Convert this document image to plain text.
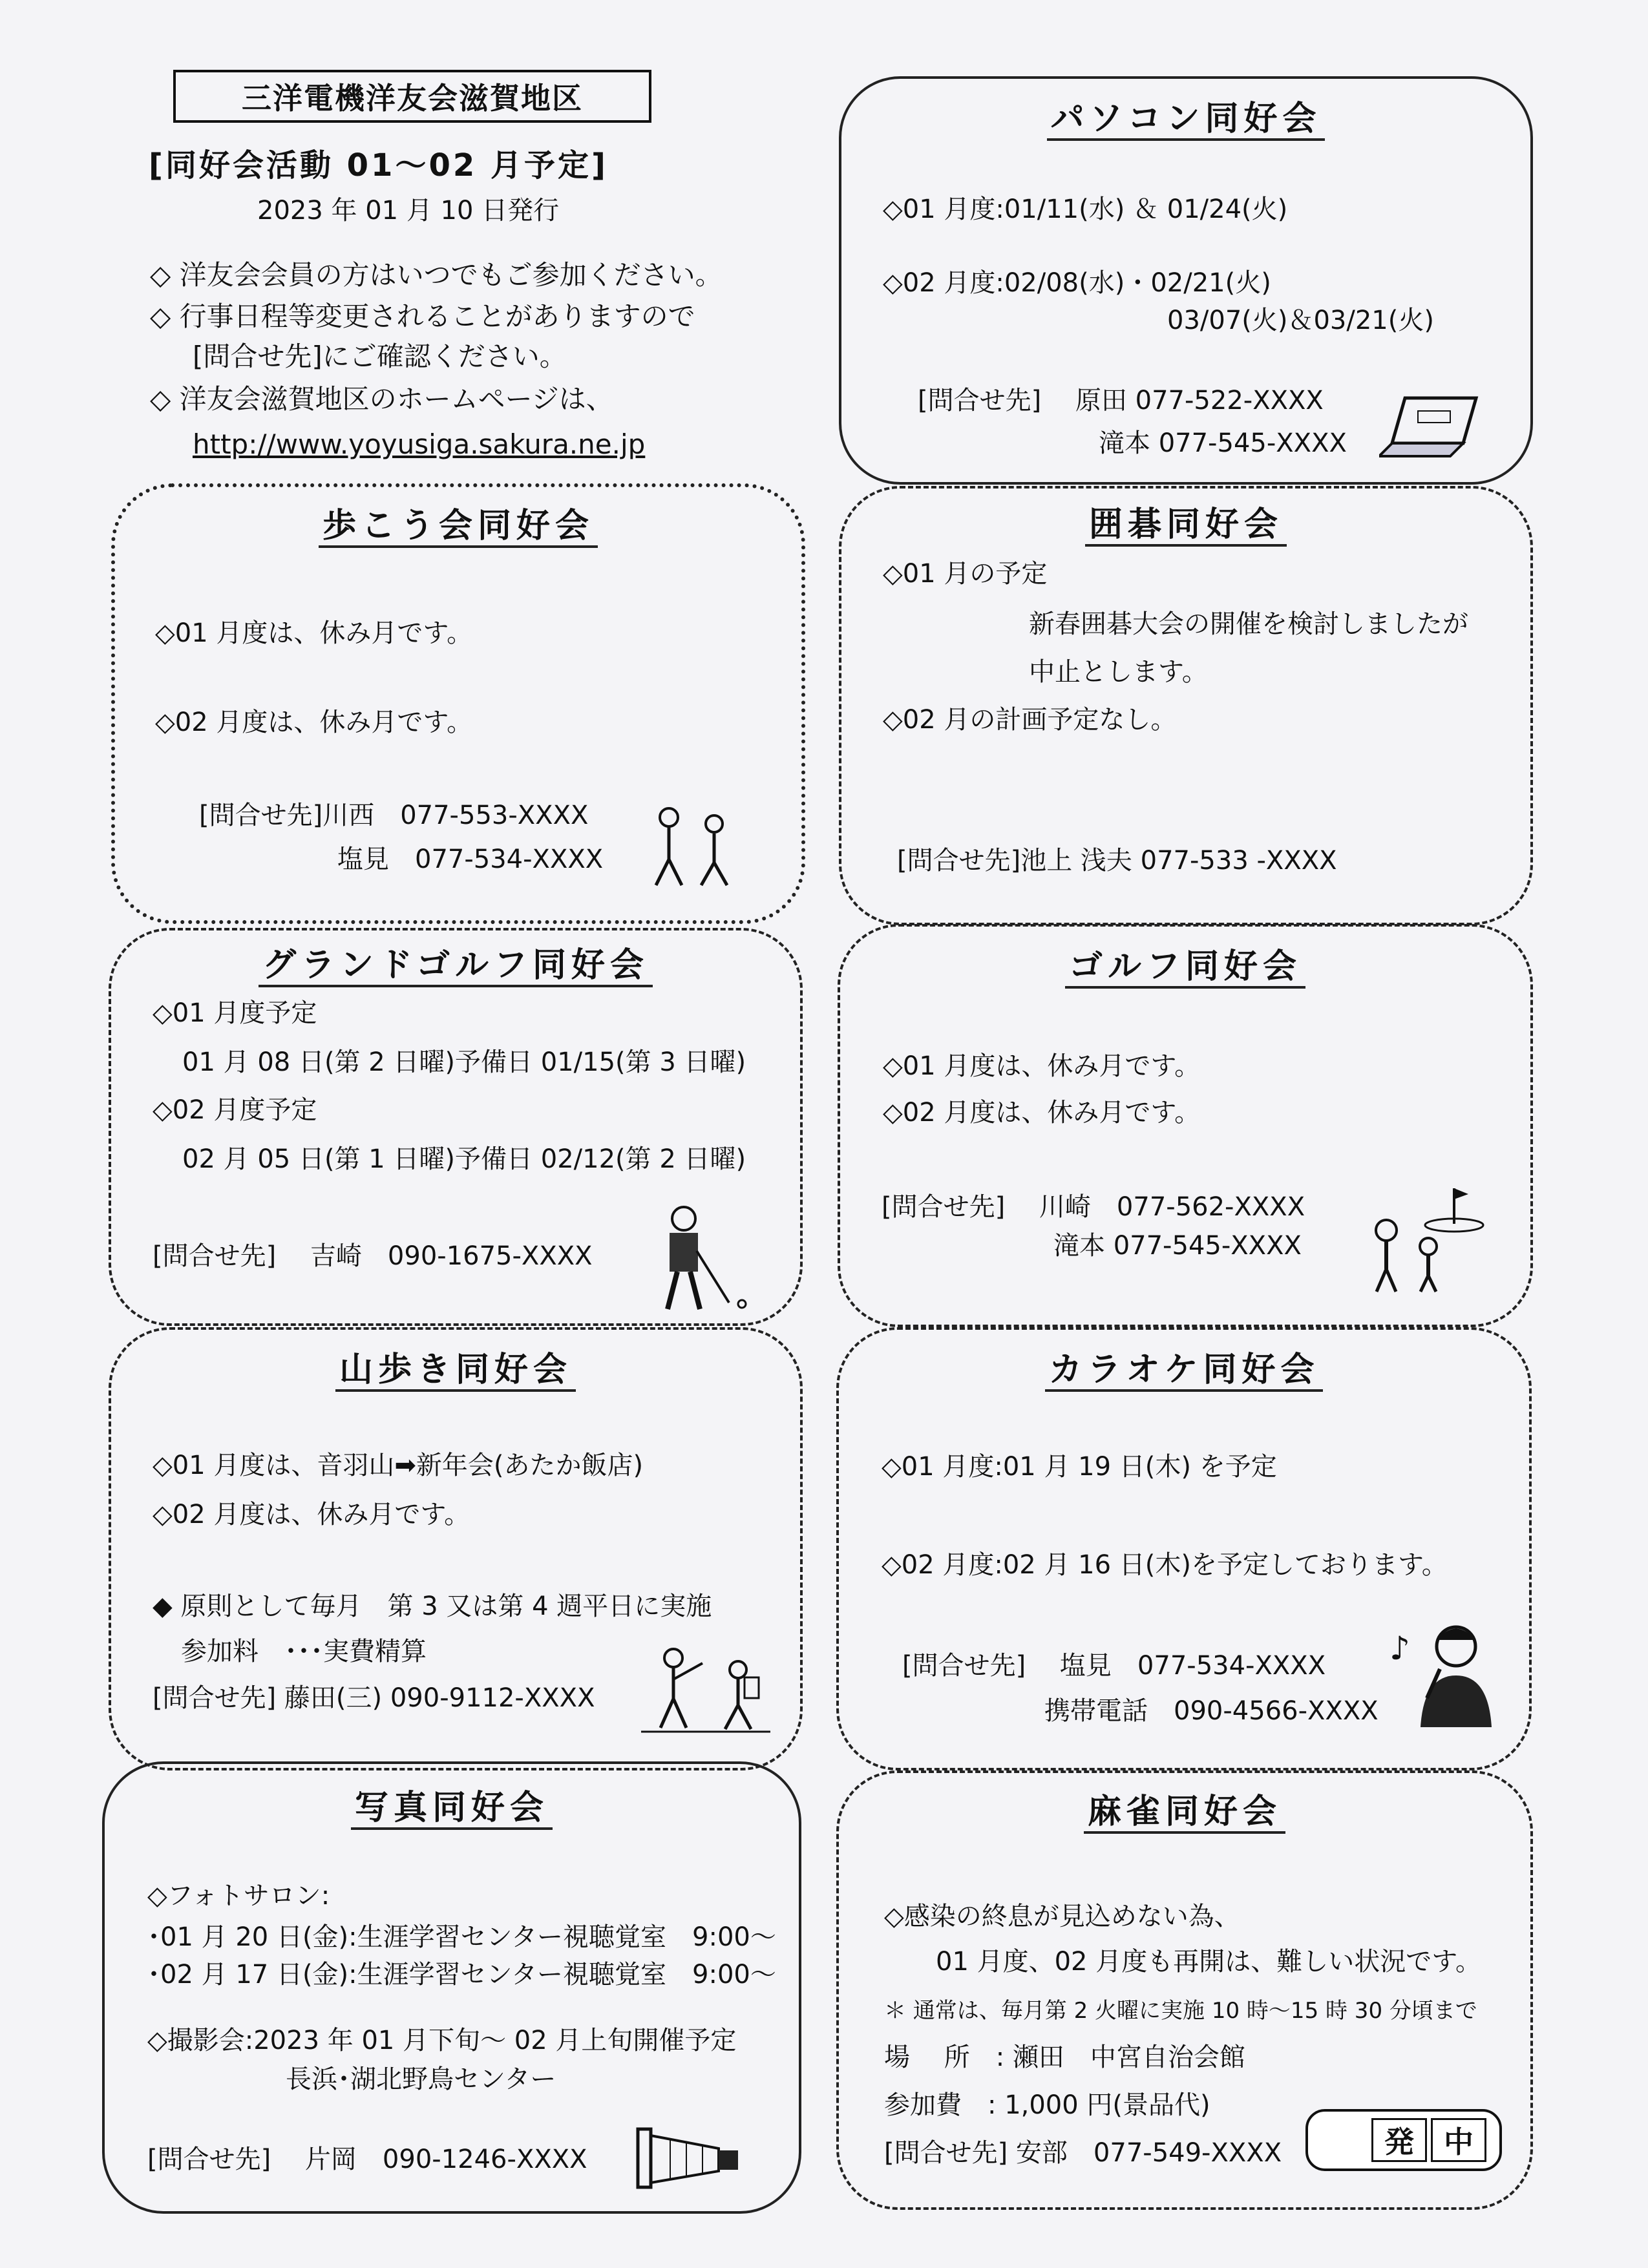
三洋電機洋友会滋賀地区
[同好会活動 01～02 月予定]
2023 年 01 月 10 日発行
◇ 洋友会会員の方はいつでもご参加ください。
◇ 行事日程等変更されることがありますので
[問合せ先]にご確認ください。
◇ 洋友会滋賀地区のホームページは、
http://www.yoyusiga.sakura.ne.jp
パソコン同好会
◇01 月度:01/11(水) ＆ 01/24(火)
◇02 月度:02/08(水)・02/21(火)
03/07(火)＆03/21(火)
[問合せ先]　 原田 077-522-XXXX
滝本 077-545-XXXX
歩こう会同好会
◇01 月度は、休み月です。
◇02 月度は、休み月です。
[問合せ先]川西　077-553-XXXX
塩見　077-534-XXXX
囲碁同好会
◇01 月の予定
新春囲碁大会の開催を検討しましたが
中止とします。
◇02 月の計画予定なし。
[問合せ先]池上 浅夫 077-533 -XXXX
グランドゴルフ同好会
◇01 月度予定
01 月 08 日(第 2 日曜)予備日 01/15(第 3 日曜)
◇02 月度予定
02 月 05 日(第 1 日曜)予備日 02/12(第 2 日曜)
[問合せ先]　 吉崎　090-1675-XXXX
ゴルフ同好会
◇01 月度は、休み月です。
◇02 月度は、休み月です。
[問合せ先]　 川崎　077-562-XXXX
滝本 077-545-XXXX
山歩き同好会
◇01 月度は、音羽山➡新年会(あたか飯店)
◇02 月度は、休み月です。
参加料　･･･実費精算
◆ 原則として毎月　第 3 又は第 4 週平日に実施
[問合せ先] 藤田(三) 090-9112-XXXX
カラオケ同好会
◇01 月度:01 月 19 日(木) を予定
◇02 月度:02 月 16 日(木)を予定しております。
[問合せ先]　 塩見　077-534-XXXX
携帯電話　090-4566-XXXX
♪
写真同好会
◇フォトサロン:
･01 月 20 日(金):生涯学習センター視聴覚室　9:00～
･02 月 17 日(金):生涯学習センター視聴覚室　9:00～
◇撮影会:2023 年 01 月下旬～ 02 月上旬開催予定
長浜･湖北野鳥センター
[問合せ先]　 片岡　090-1246-XXXX
麻雀同好会
◇感染の終息が見込めない為、
01 月度、02 月度も再開は、難しい状況です。
＊ 通常は、毎月第 2 火曜に実施 10 時～15 時 30 分頃まで
場　 所　: 瀬田　中宮自治会館
参加費　: 1,000 円(景品代)
[問合せ先] 安部　077-549-XXXX	発	中
